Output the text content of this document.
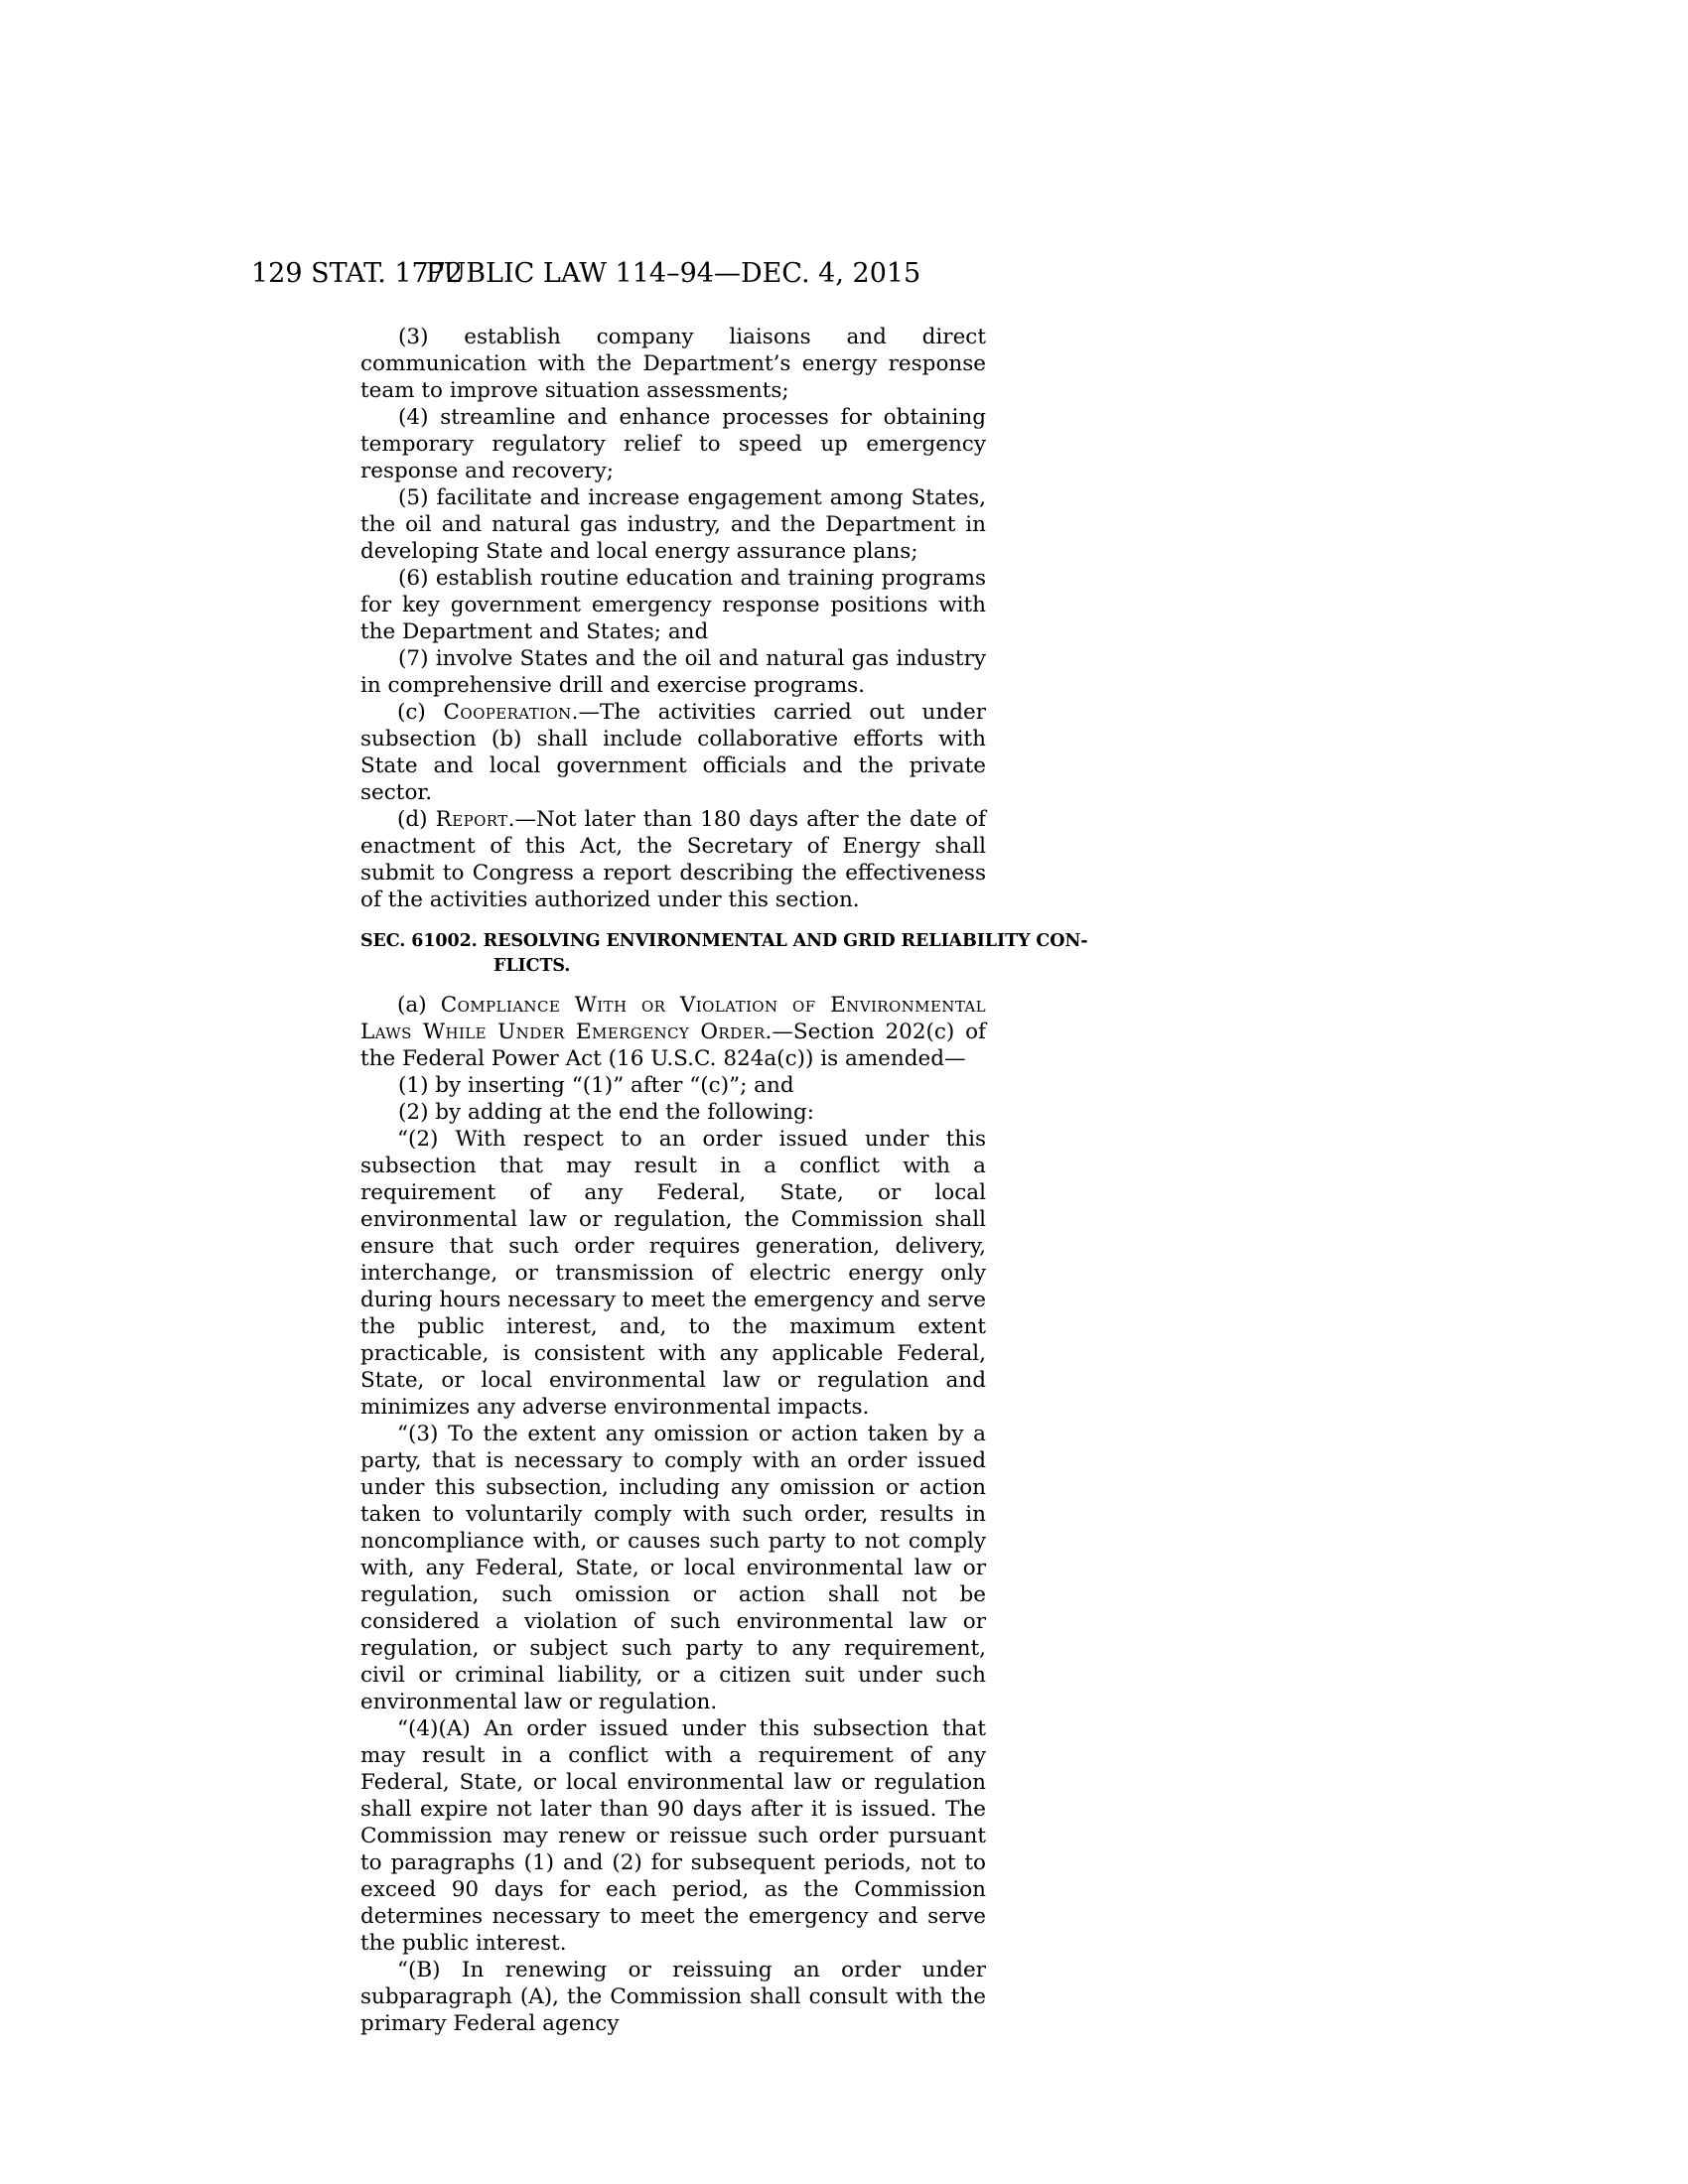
129 STAT. 1772
PUBLIC LAW 114–94—DEC. 4, 2015

(3) establish company liaisons and direct communication with the Department’s energy response team to improve situation assessments;

(4) streamline and enhance processes for obtaining temporary regulatory relief to speed up emergency response and recovery;

(5) facilitate and increase engagement among States, the oil and natural gas industry, and the Department in developing State and local energy assurance plans;

(6) establish routine education and training programs for key government emergency response positions with the Department and States; and

(7) involve States and the oil and natural gas industry in comprehensive drill and exercise programs.

(c) Cooperation.—The activities carried out under subsection (b) shall include collaborative efforts with State and local government officials and the private sector.

(d) Report.—Not later than 180 days after the date of enactment of this Act, the Secretary of Energy shall submit to Congress a report describing the effectiveness of the activities authorized under this section.

SEC. 61002. RESOLVING ENVIRONMENTAL AND GRID RELIABILITY CON-
FLICTS.

(a) Compliance With or Violation of Environmental Laws While Under Emergency Order.—Section 202(c) of the Federal Power Act (16 U.S.C. 824a(c)) is amended—

(1) by inserting “(1)” after “(c)”; and

(2) by adding at the end the following:

“(2) With respect to an order issued under this subsection that may result in a conflict with a requirement of any Federal, State, or local environmental law or regulation, the Commission shall ensure that such order requires generation, delivery, interchange, or transmission of electric energy only during hours necessary to meet the emergency and serve the public interest, and, to the maximum extent practicable, is consistent with any applicable Federal, State, or local environmental law or regulation and minimizes any adverse environmental impacts.

“(3) To the extent any omission or action taken by a party, that is necessary to comply with an order issued under this subsection, including any omission or action taken to voluntarily comply with such order, results in noncompliance with, or causes such party to not comply with, any Federal, State, or local environmental law or regulation, such omission or action shall not be considered a violation of such environmental law or regulation, or subject such party to any requirement, civil or criminal liability, or a citizen suit under such environmental law or regulation.

“(4)(A) An order issued under this subsection that may result in a conflict with a requirement of any Federal, State, or local environmental law or regulation shall expire not later than 90 days after it is issued. The Commission may renew or reissue such order pursuant to paragraphs (1) and (2) for subsequent periods, not to exceed 90 days for each period, as the Commission determines necessary to meet the emergency and serve the public interest.

“(B) In renewing or reissuing an order under subparagraph (A), the Commission shall consult with the primary Federal agency
